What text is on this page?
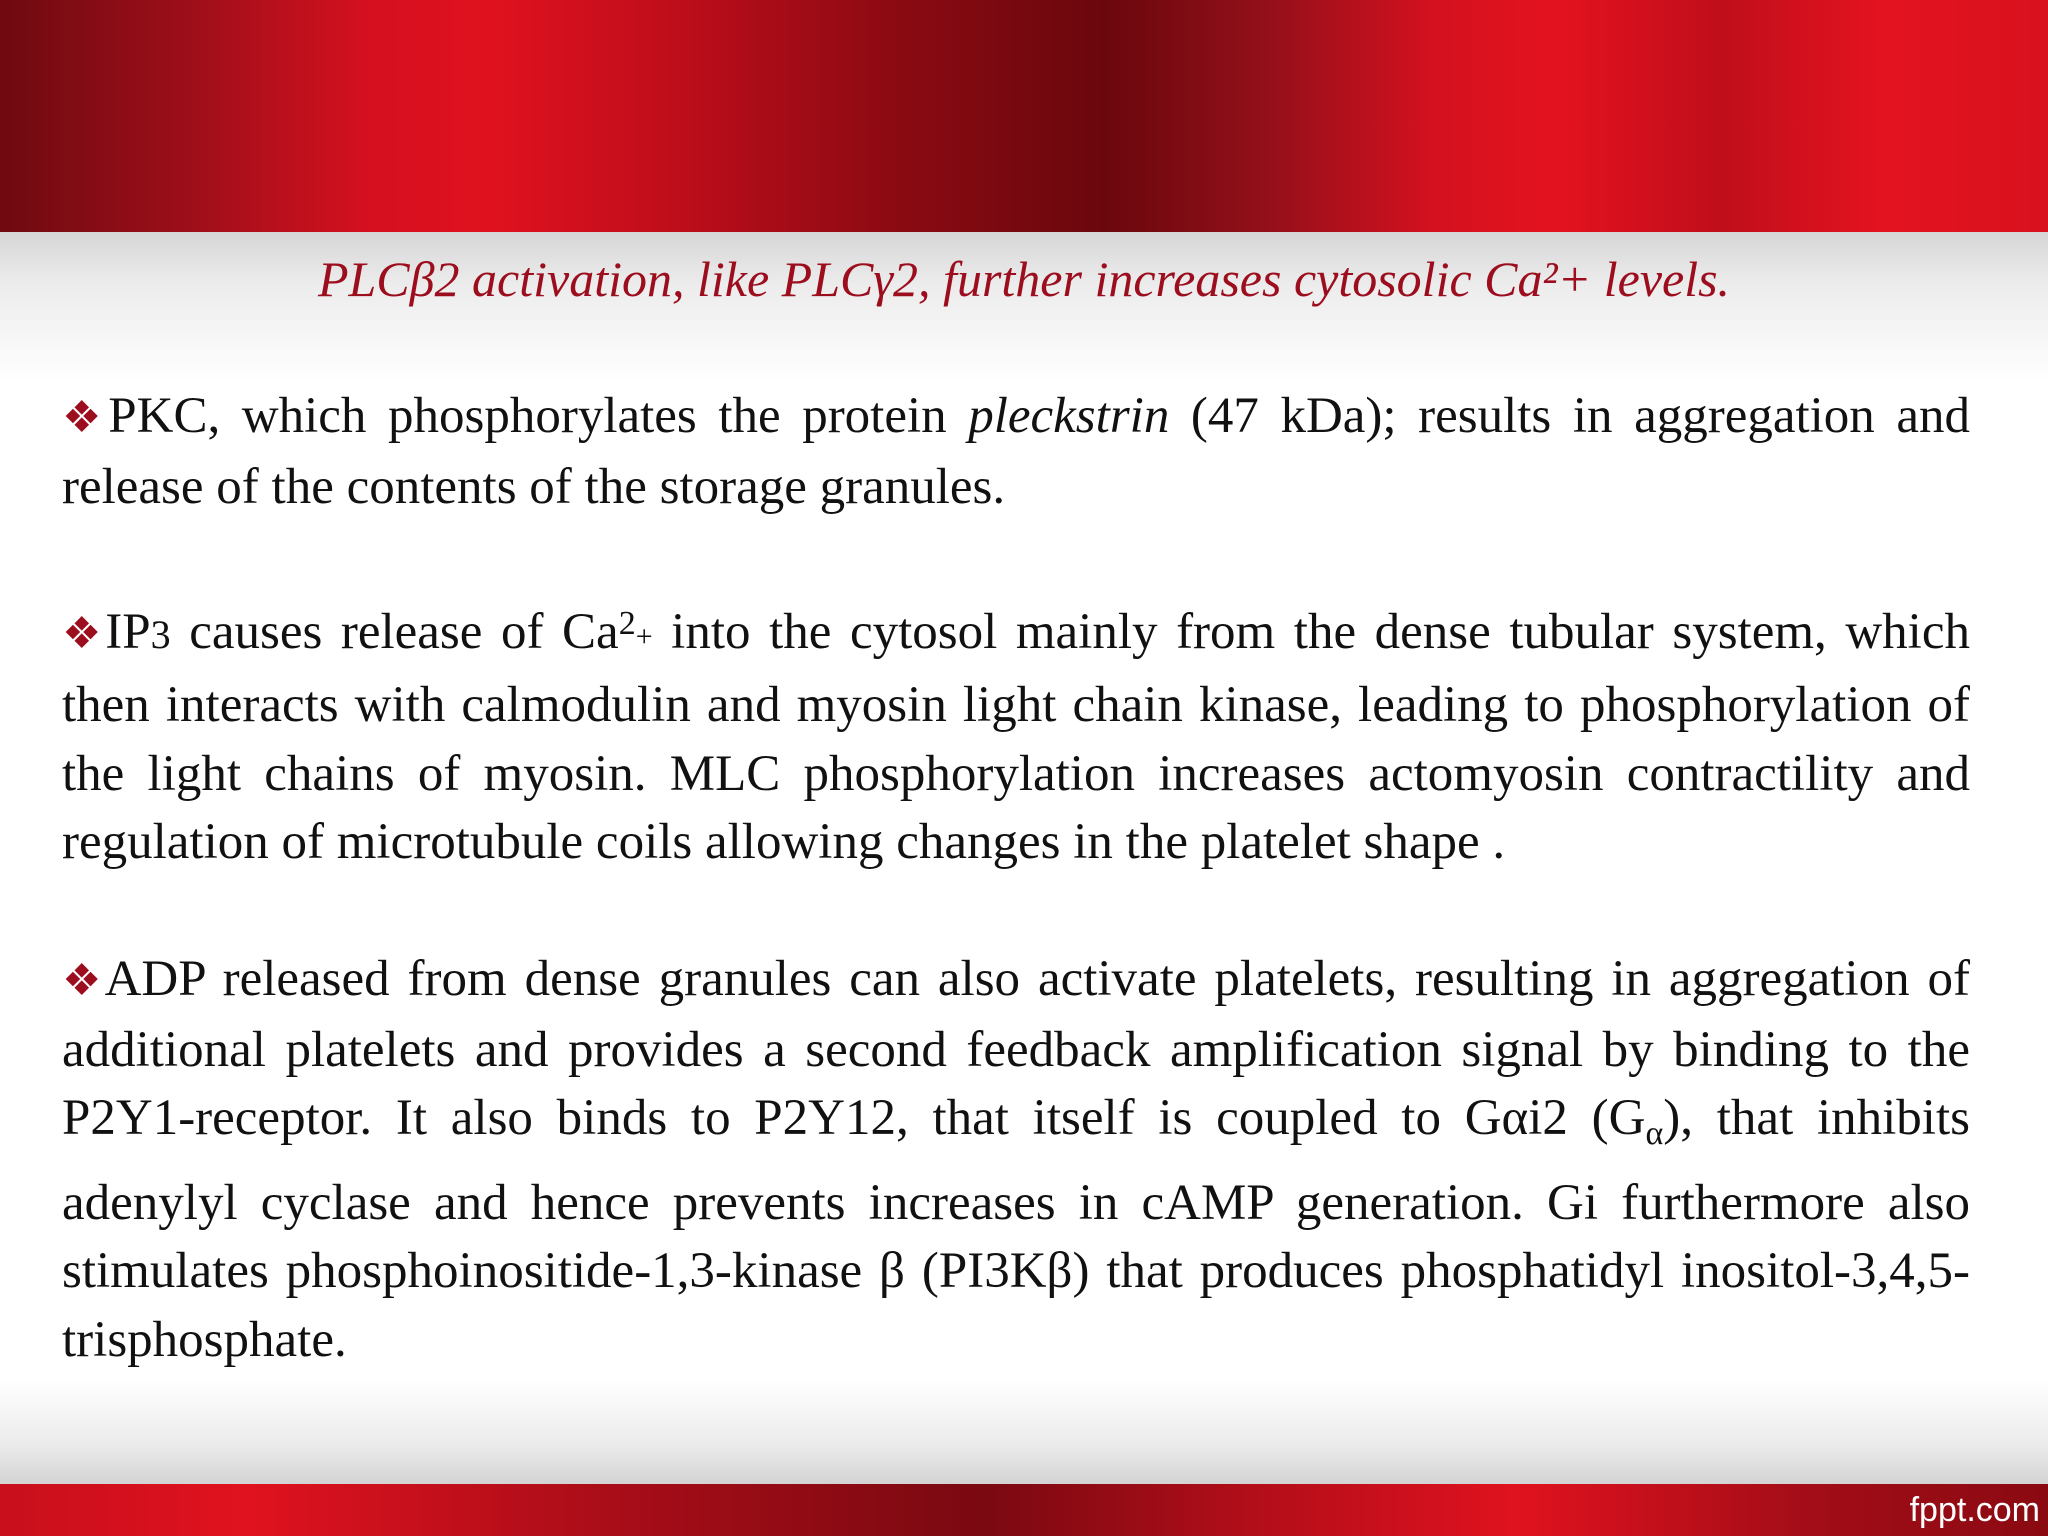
PLCβ2 activation, like PLCγ2, further increases cytosolic Ca²+ levels.

❖PKC, which phosphorylates the protein pleckstrin (47 kDa); results in aggregation and release of the contents of the storage granules.

❖IP3 causes release of $Ca^2+$ into the cytosol mainly from the dense tubular system, which then interacts with calmodulin and myosin light chain kinase, leading to phosphorylation of the light chains of myosin. MLC phosphorylation increases actomyosin contractility and regulation of microtubule coils allowing changes in the platelet shape .

❖ADP released from dense granules can also activate platelets, resulting in aggregation of additional platelets and provides a second feedback amplification signal by binding to the P2Y1-receptor. It also binds to P2Y12, that itself is coupled to Gαi2 (Gα), that inhibits adenylyl cyclase and hence prevents increases in cAMP generation. Gi furthermore also stimulates phosphoinositide-1,3-kinase β (PI3Kβ) that produces phosphatidyl inositol-3,4,5-trisphosphate.

fppt.com
